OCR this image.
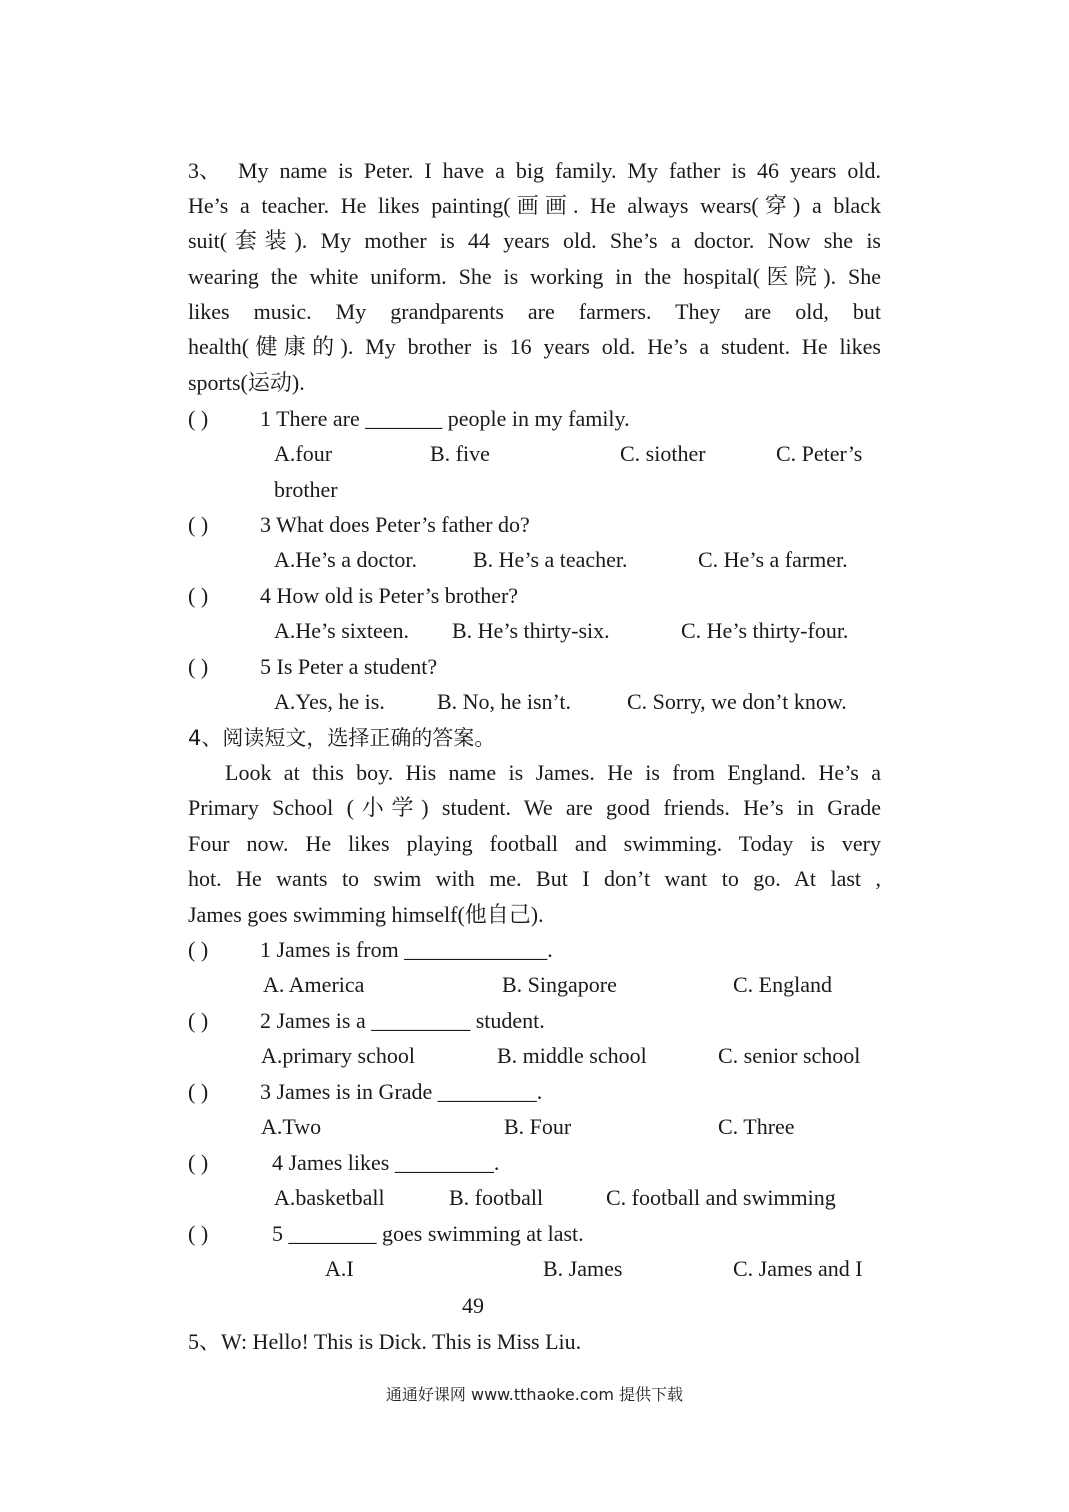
3、 My name is Peter. I have a big family. My father is 46 years old.
He’s a teacher. He likes painting(画画. He always wears(穿) a black
suit(套装). My mother is 44 years old. She’s a doctor. Now she is
wearing the white uniform. She is working in the hospital(医院). She
likes music. My grandparents are farmers. They are old, but
health(健康的). My brother is 16 years old. He’s a student. He likes
sports(运动).
( ) 1 There are _______ people in my family.
A.four	B. five	C. siother	C. Peter’s
brother
( ) 3 What does Peter’s father do?
A.He’s a doctor.	B. He’s a teacher.	C. He’s a farmer.
( ) 4 How old is Peter’s brother?
A.He’s sixteen. B. He’s thirty-six.	C. He’s thirty-four.
( ) 5 Is Peter a student?
A.Yes, he is. B. No, he isn’t.	C. Sorry, we don’t know.
4、阅读短文，选择正确的答案。
Look at this boy. His name is James. He is from England. He’s a
Primary School (小学) student. We are good friends. He’s in Grade
Four now. He likes playing football and swimming. Today is very
hot. He wants to swim with me. But I don’t want to go. At last ,
James goes swimming himself(他自己).
( ) 1 James is from _____________.
A. America	B. Singapore	C. England
( ) 2 James is a _________ student.
A.primary school	B. middle school	C. senior school
( ) 3 James is in Grade _________.
A.Two	B. Four	C. Three
( )	4 James likes _________.
A.basketball	B. football	C. football and swimming
( )	5 ________ goes swimming at last.
A.I	B. James	C. James and I
49
5、W: Hello! This is Dick. This is Miss Liu.
通通好课网 www.tthaoke.com 提供下载
